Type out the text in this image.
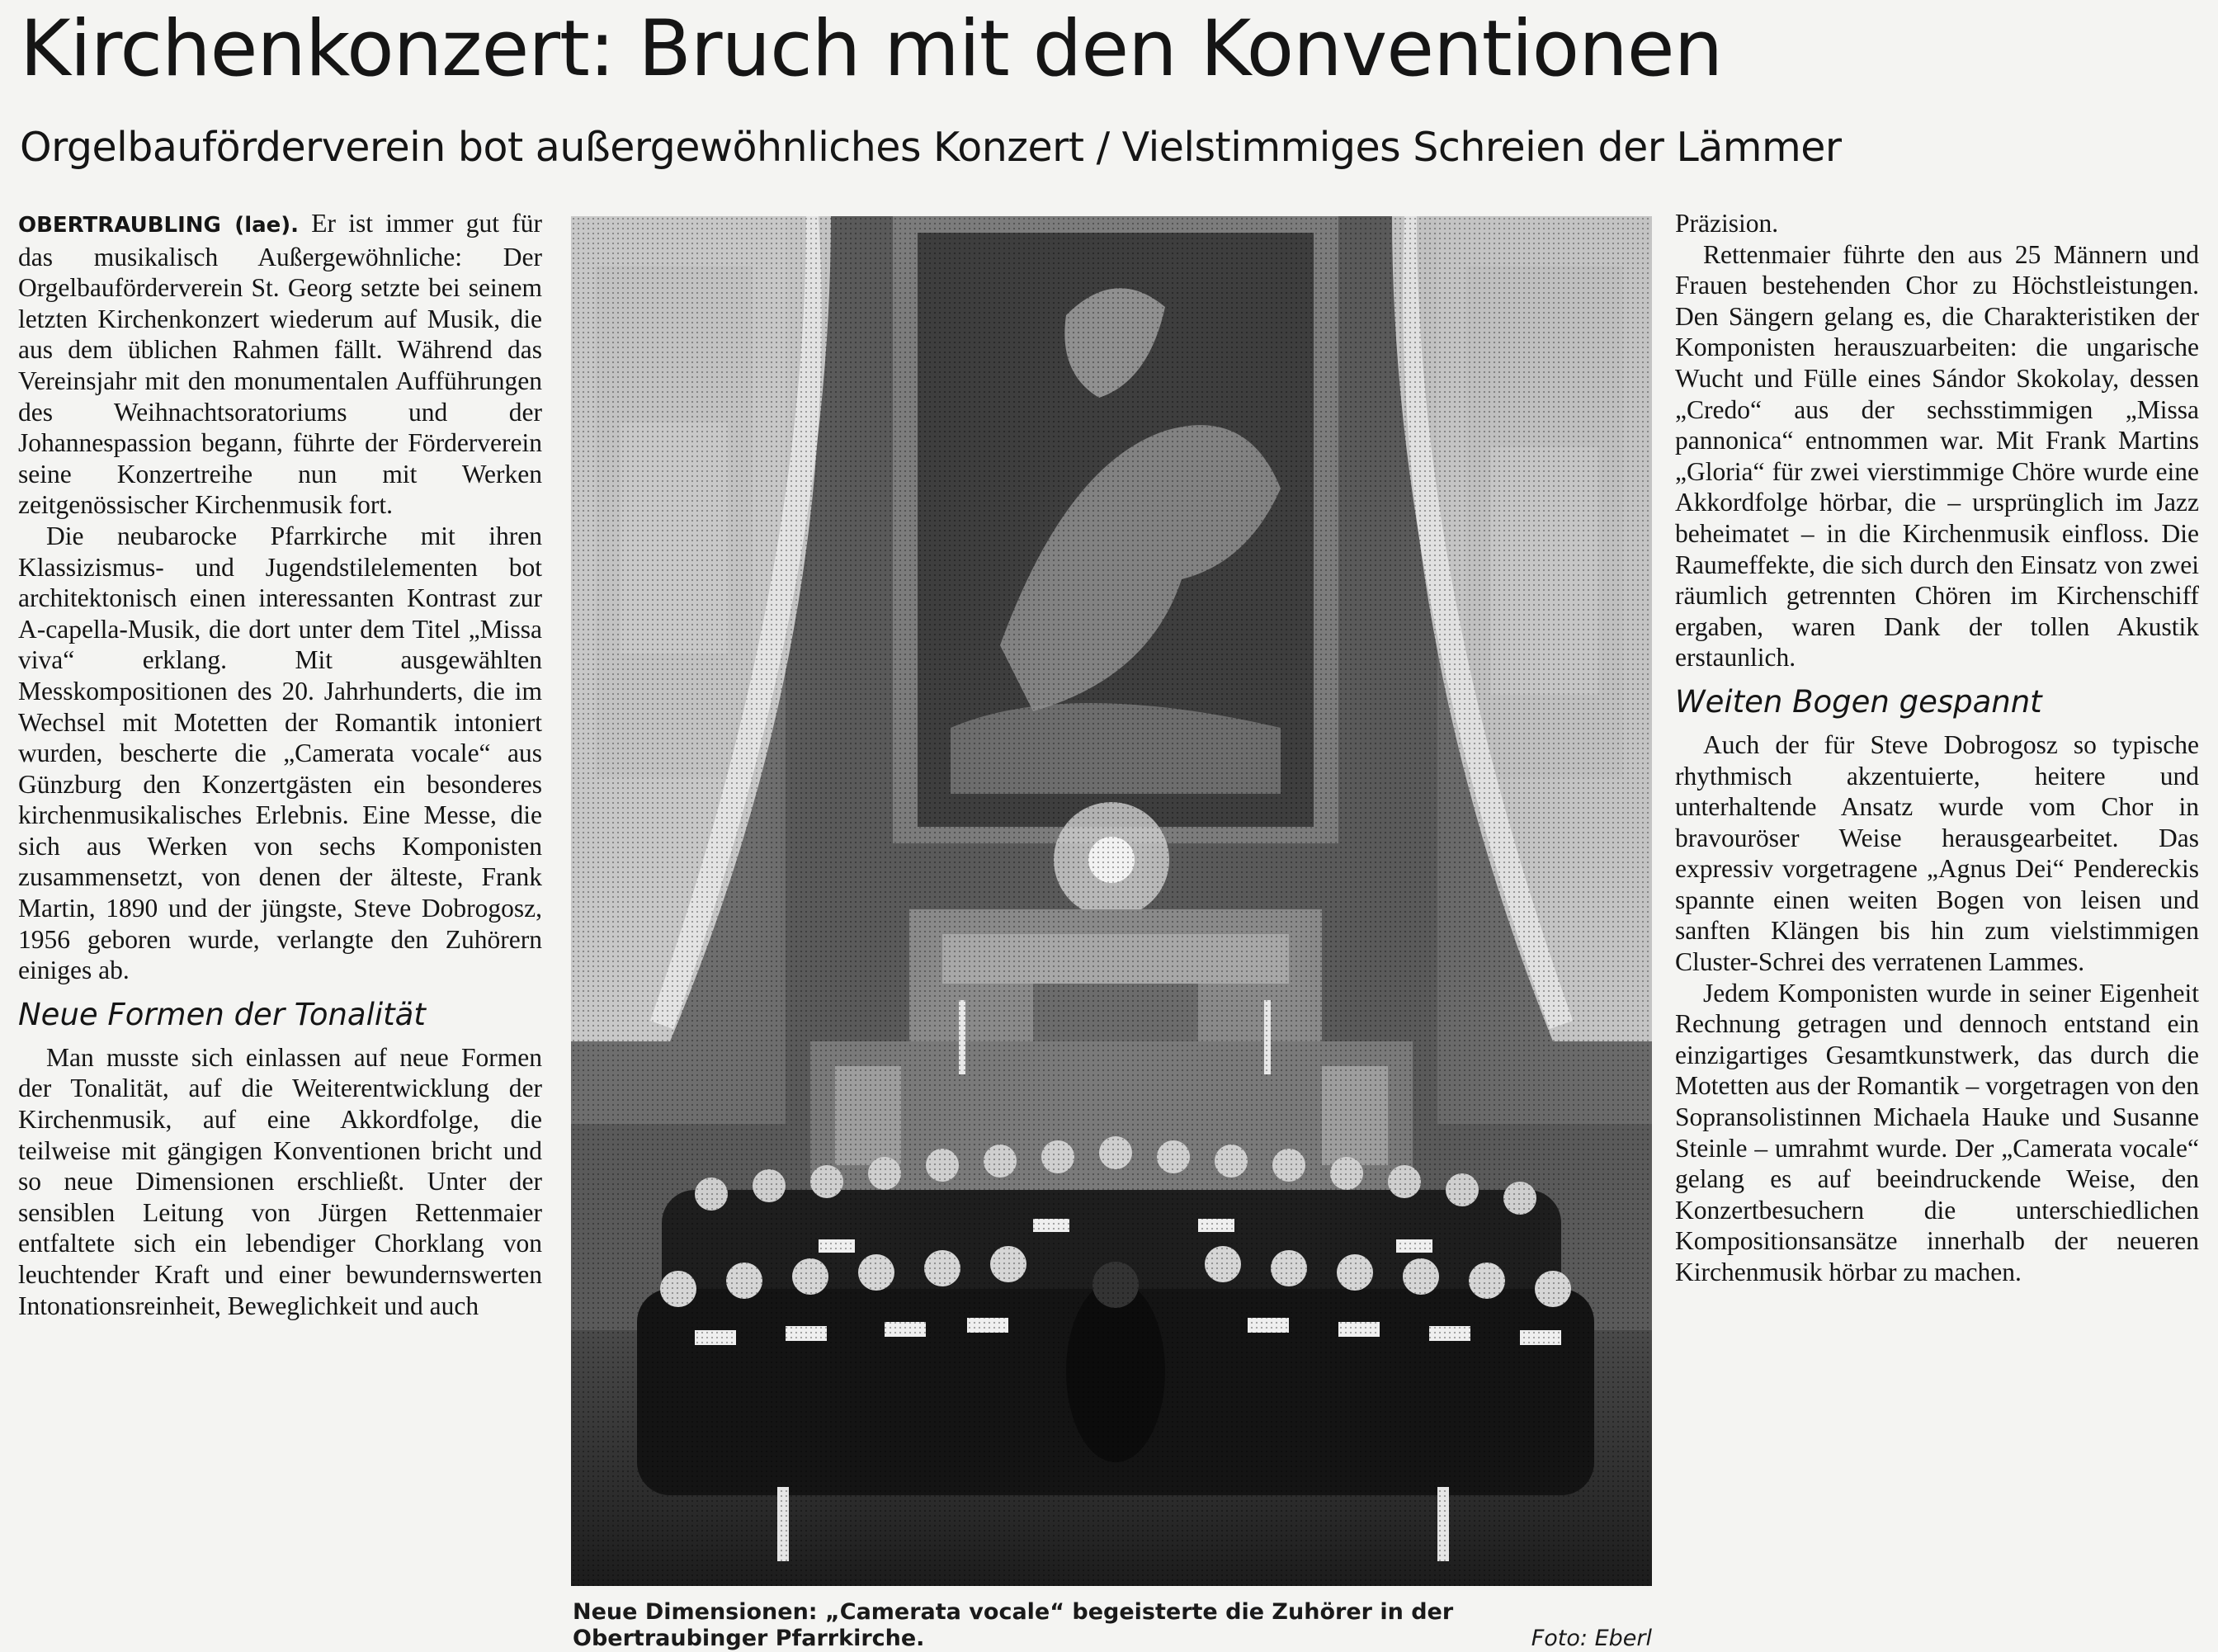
Kirchenkonzert: Bruch mit den Konventionen
Orgelbauförderverein bot außergewöhnliches Konzert / Vielstimmiges Schreien der Lämmer

OBERTRAUBLING (lae). Er ist immer gut für das musikalisch Außergewöhnliche: Der Orgelbauförderverein St. Georg setzte bei seinem letzten Kirchenkonzert wiederum auf Musik, die aus dem üblichen Rahmen fällt. Während das Vereinsjahr mit den monumentalen Aufführungen des Weihnachtsoratoriums und der Johannespassion begann, führte der Förderverein seine Konzertreihe nun mit Werken zeitgenössischer Kirchenmusik fort.

Die neubarocke Pfarrkirche mit ihren Klassizismus- und Jugendstilelementen bot architektonisch einen interessanten Kontrast zur A-capella-Musik, die dort unter dem Titel „Missa viva“ erklang. Mit ausgewählten Messkompositionen des 20. Jahrhunderts, die im Wechsel mit Motetten der Romantik intoniert wurden, bescherte die „Camerata vocale“ aus Günzburg den Konzertgästen ein besonderes kirchenmusikalisches Erlebnis. Eine Messe, die sich aus Werken von sechs Komponisten zusammensetzt, von denen der älteste, Frank Martin, 1890 und der jüngste, Steve Dobrogosz, 1956 geboren wurde, verlangte den Zuhörern einiges ab.

Neue Formen der Tonalität

Man musste sich einlassen auf neue Formen der Tonalität, auf die Weiterentwicklung der Kirchenmusik, auf eine Akkordfolge, die teilweise mit gängigen Konventionen bricht und so neue Dimensionen erschließt. Unter der sensiblen Leitung von Jürgen Rettenmaier entfaltete sich ein lebendiger Chorklang von leuchtender Kraft und einer bewundernswerten Intonationsreinheit, Beweglichkeit und auch

Neue Dimensionen: „Camerata vocale“ begeisterte die Zuhörer in der Obertraubinger Pfarrkirche.	Foto: Eberl

Präzision.

Rettenmaier führte den aus 25 Männern und Frauen bestehenden Chor zu Höchstleistungen. Den Sängern gelang es, die Charakteristiken der Komponisten herauszuarbeiten: die ungarische Wucht und Fülle eines Sándor Skokolay, dessen „Credo“ aus der sechsstimmigen „Missa pannonica“ entnommen war. Mit Frank Martins „Gloria“ für zwei vierstimmige Chöre wurde eine Akkordfolge hörbar, die – ursprünglich im Jazz beheimatet – in die Kirchenmusik einfloss. Die Raumeffekte, die sich durch den Einsatz von zwei räumlich getrennten Chören im Kirchenschiff ergaben, waren Dank der tollen Akustik erstaunlich.

Weiten Bogen gespannt

Auch der für Steve Dobrogosz so typische rhythmisch akzentuierte, heitere und unterhaltende Ansatz wurde vom Chor in bravouröser Weise herausgearbeitet. Das expressiv vorgetragene „Agnus Dei“ Pendereckis spannte einen weiten Bogen von leisen und sanften Klängen bis hin zum vielstimmigen Cluster-Schrei des verratenen Lammes.

Jedem Komponisten wurde in seiner Eigenheit Rechnung getragen und dennoch entstand ein einzigartiges Gesamtkunstwerk, das durch die Motetten aus der Romantik – vorgetragen von den Sopransolistinnen Michaela Hauke und Susanne Steinle – umrahmt wurde. Der „Camerata vocale“ gelang es auf beeindruckende Weise, den Konzertbesuchern die unterschiedlichen Kompositionsansätze innerhalb der neueren Kirchenmusik hörbar zu machen.
